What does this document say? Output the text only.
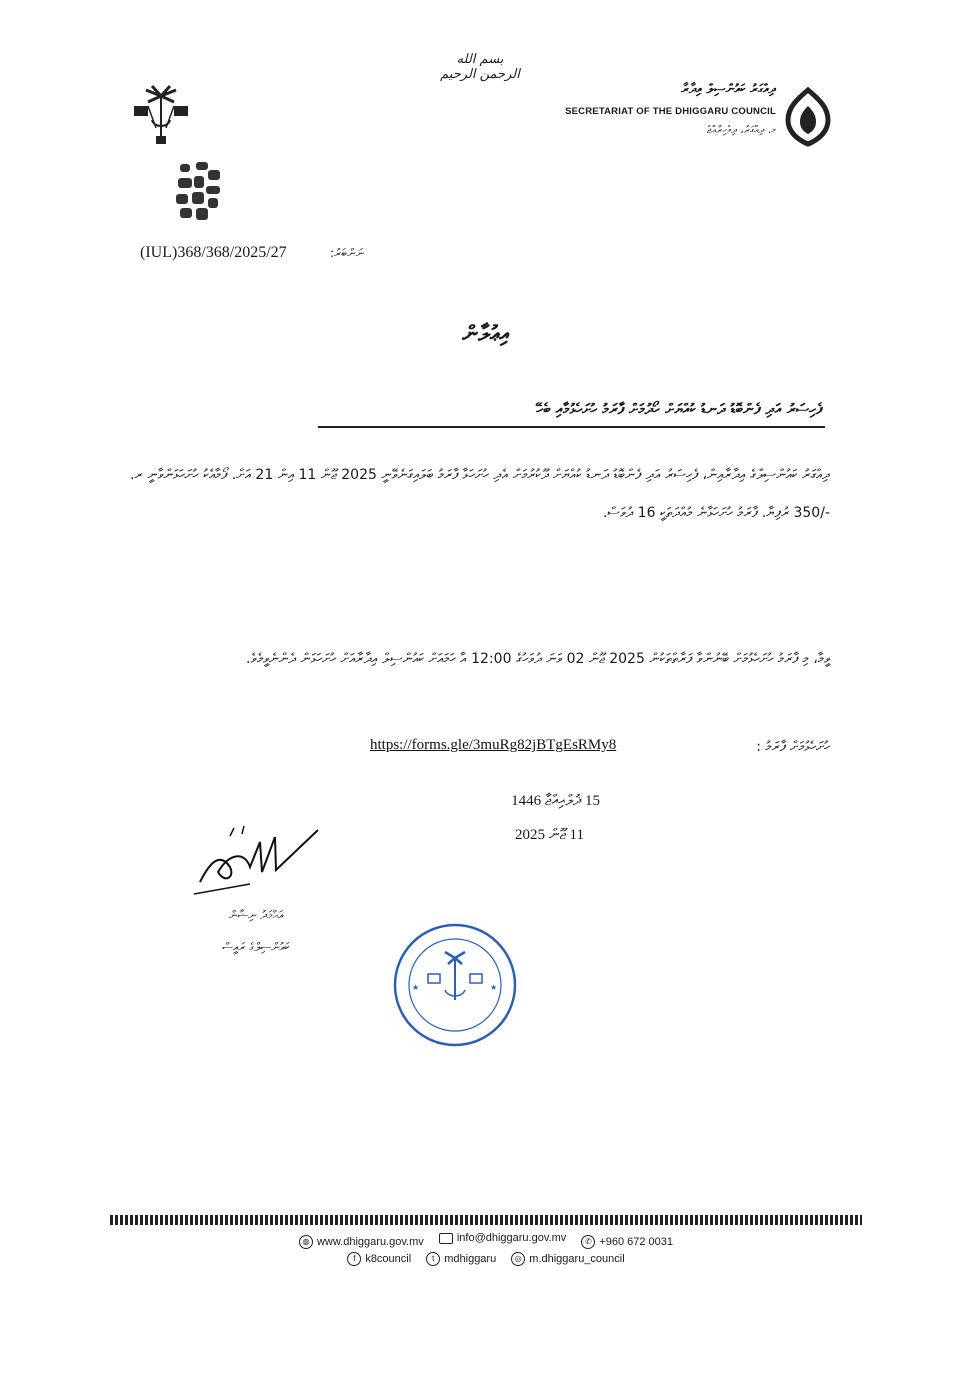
بسم الله الرحمن الرحيم
ދިއްގަރު ކައުންސިލް އިދާރާ
SECRETARIAT OF THE DHIGGARU COUNCIL
މ. ދިއްގަރު، ދިވެހިރާއްޖެ
(IUL)368/368/2025/27	ނަންބަރު:
އިޢުލާން
ފެހިސަރު އަދި ފެންބޮޑު ދަނޑު ކުއްޔަށް ހޯދުމަށް ފާރަމު ހުށަހެޅުމާއި ބެހޭ
ދިއްގަރު ކައުންސިލްގެ އިދާރާއިން، ފެހިސަރު އަދި ފެންބޮޑު ދަނޑު ކުއްޔަށް ދޫކުރުމަށް އެދި ހުށަހަޅާ ފާރަމު ބަލައިގަނެވޭނީ 2025 ޖޫން 11 އިން 21 އަށް. ފޯމާއެކު ހުށަހަޅަންވާނީ ރ. -/350 ރުފިޔާ. ފާރަމު ހުށަހަޅާނެ މުއްދަތަކީ 16 ދުވަސް.
ވީމާ، މި ފާރަމު ހުށަހެޅުމަށް ބޭނުންވާ ފަރާތްތަކުން 2025 ޖޫން 02 ވަނަ ދުވަހުގެ 12:00 އާ ހަމައަށް ކައުންސިލް އިދާރާއަށް ހުށަހަޅަން ދެންނެވީމެވެ.
https://forms.gle/3muRg82jBTgEsRMy8	ހުށަހެޅުމަށް ފާރަމު :
15 ޛުލްޙިއްޖާ 1446
11 ޖޫން 2025
އަޙްމަދު ނިޝާން
ކައުންސިލްގެ ރައީސް
★	★
◍ www.dhiggaru.gov.mv
	info@dhiggaru.gov.mv
	✆ +960 672 0031
f k8council
	t mdhiggaru
	◎ m.dhiggaru_council
